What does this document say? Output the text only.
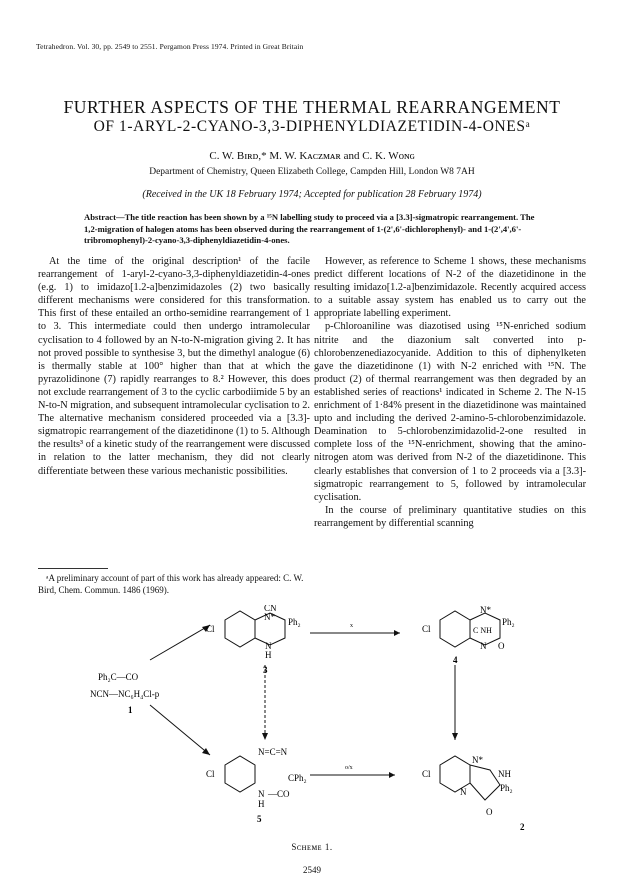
Tetrahedron. Vol. 30, pp. 2549 to 2551. Pergamon Press 1974. Printed in Great Britain
FURTHER ASPECTS OF THE THERMAL REARRANGEMENT
OF 1-ARYL-2-CYANO-3,3-DIPHENYLDIAZETIDIN-4-ONESᵃ
C. W. Bɪʀᴅ,* M. W. Kᴀᴄᴢᴍᴀʀ and C. K. Wᴏɴɢ
Department of Chemistry, Queen Elizabeth College, Campden Hill, London W8 7AH
(Received in the UK 18 February 1974; Accepted for publication 28 February 1974)
Abstract—The title reaction has been shown by a ¹⁵N labelling study to proceed via a [3.3]-sigmatropic rearrangement. The 1,2-migration of halogen atoms has been observed during the rearrangement of 1-(2',6'-dichlorophenyl)- and 1-(2',4',6'-tribromophenyl)-2-cyano-3,3-diphenyldiazetidin-4-ones.

At the time of the original description¹ of the facile rearrangement of 1-aryl-2-cyano-3,3-diphenyldiazetidin-4-ones (e.g. 1) to imidazo[1.2-a]benzimidazoles (2) two basically different mechanisms were considered for this transformation. This first of these entailed an ortho-semidine rearrangement of 1 to 3. This intermediate could then undergo intramolecular cyclisation to 4 followed by an N-to-N-migration giving 2. It has not proved possible to synthesise 3, but the dimethyl analogue (6) is thermally stable at 100° higher than that at which the pyrazolidinone (7) rapidly rearranges to 8.² However, this does not exclude rearrangement of 3 to the cyclic carbodiimide 5 by an N-to-N migration, and subsequent intramolecular cyclisation to 2. The alternative mechanism considered proceeded via a [3.3]-sigmatropic rearrangement of the diazetidinone (1) to 5. Although the results³ of a kinetic study of the rearrangement were discussed in relation to the latter mechanism, they did not clearly differentiate between these various mechanistic possibilities.

However, as reference to Scheme 1 shows, these mechanisms predict different locations of N-2 of the diazetidinone in the resulting imidazo[1.2-a]benzimidazole. Recently acquired access to a suitable assay system has enabled us to carry out the appropriate labelling experiment.

p-Chloroaniline was diazotised using ¹⁵N-enriched sodium nitrite and the diazonium salt converted into p-chlorobenzenediazocyanide. Addition to this of diphenylketen gave the diazetidinone (1) with N-2 enriched with ¹⁵N. The product (2) of thermal rearrangement was then degraded by an established series of reactions¹ indicated in Scheme 2. The N-15 enrichment of 1·84% present in the diazetidinone was maintained upto and including the derived 2-amino-5-chlorobenzimidazole. Deamination to 5-chlorobenzimidazolid-2-one resulted in complete loss of the ¹⁵N-enrichment, showing that the amino-nitrogen atom was derived from N-2 of the diazetidinone. This clearly establishes that conversion of 1 to 2 proceeds via a [3.3]-sigmatropic rearrangement to 5, followed by intramolecular cyclisation.

In the course of preliminary quantitative studies on this rearrangement by differential scanning

ᵃA preliminary account of part of this work has already appeared: C. W. Bird, Chem. Commun. 1486 (1969).
Cl
CN
N* Ph₂
N
H
3
x	Cl
N*
Ph₂
C NH
N O
4
Ph₂C—CO
NCN—NC₆H₄Cl-p
1
Cl
N=C=N
CPh₂
N —CO
H
5
o/x
Cl
N*
NH
Ph₂
N
O
2
Sᴄʜᴇᴍᴇ 1.
2549
